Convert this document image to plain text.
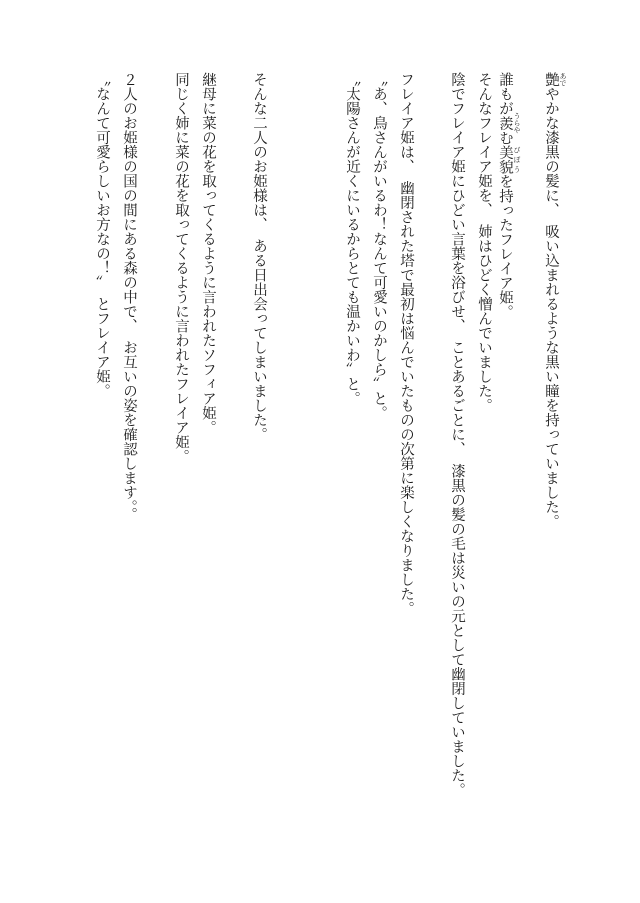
艶 あでやかな漆黒の髪に、　吸い込まれるような黒い瞳を持っていました。
誰もが羨 うらやむ美貌 びぼうを持ったフレイア姫。
そんなフレイア姫を、　姉はひどく憎んでいました。
陰でフレイア姫にひどい言葉を浴びせ、　ことあるごとに、　漆黒の髪の毛は災いの元として幽閉していました。
フレイア姫は、　幽閉された塔で最初は悩んでいたものの次第に楽しくなりました。
〝あ、鳥さんがいるわ！なんて可愛いのかしら〟と。
〝太陽さんが近くにいるからとても温かいわ〟と。
そんな二人のお姫様は、　ある日出会ってしまいました。
継母に菜の花を取ってくるように言われたソフィア姫。
同じく姉に菜の花を取ってくるように言われたフレイア姫。
２人のお姫様の国の間にある森の中で、　お互いの姿を確認します。。
〝なんて可愛らしいお方なの！〟　とフレイア姫。
